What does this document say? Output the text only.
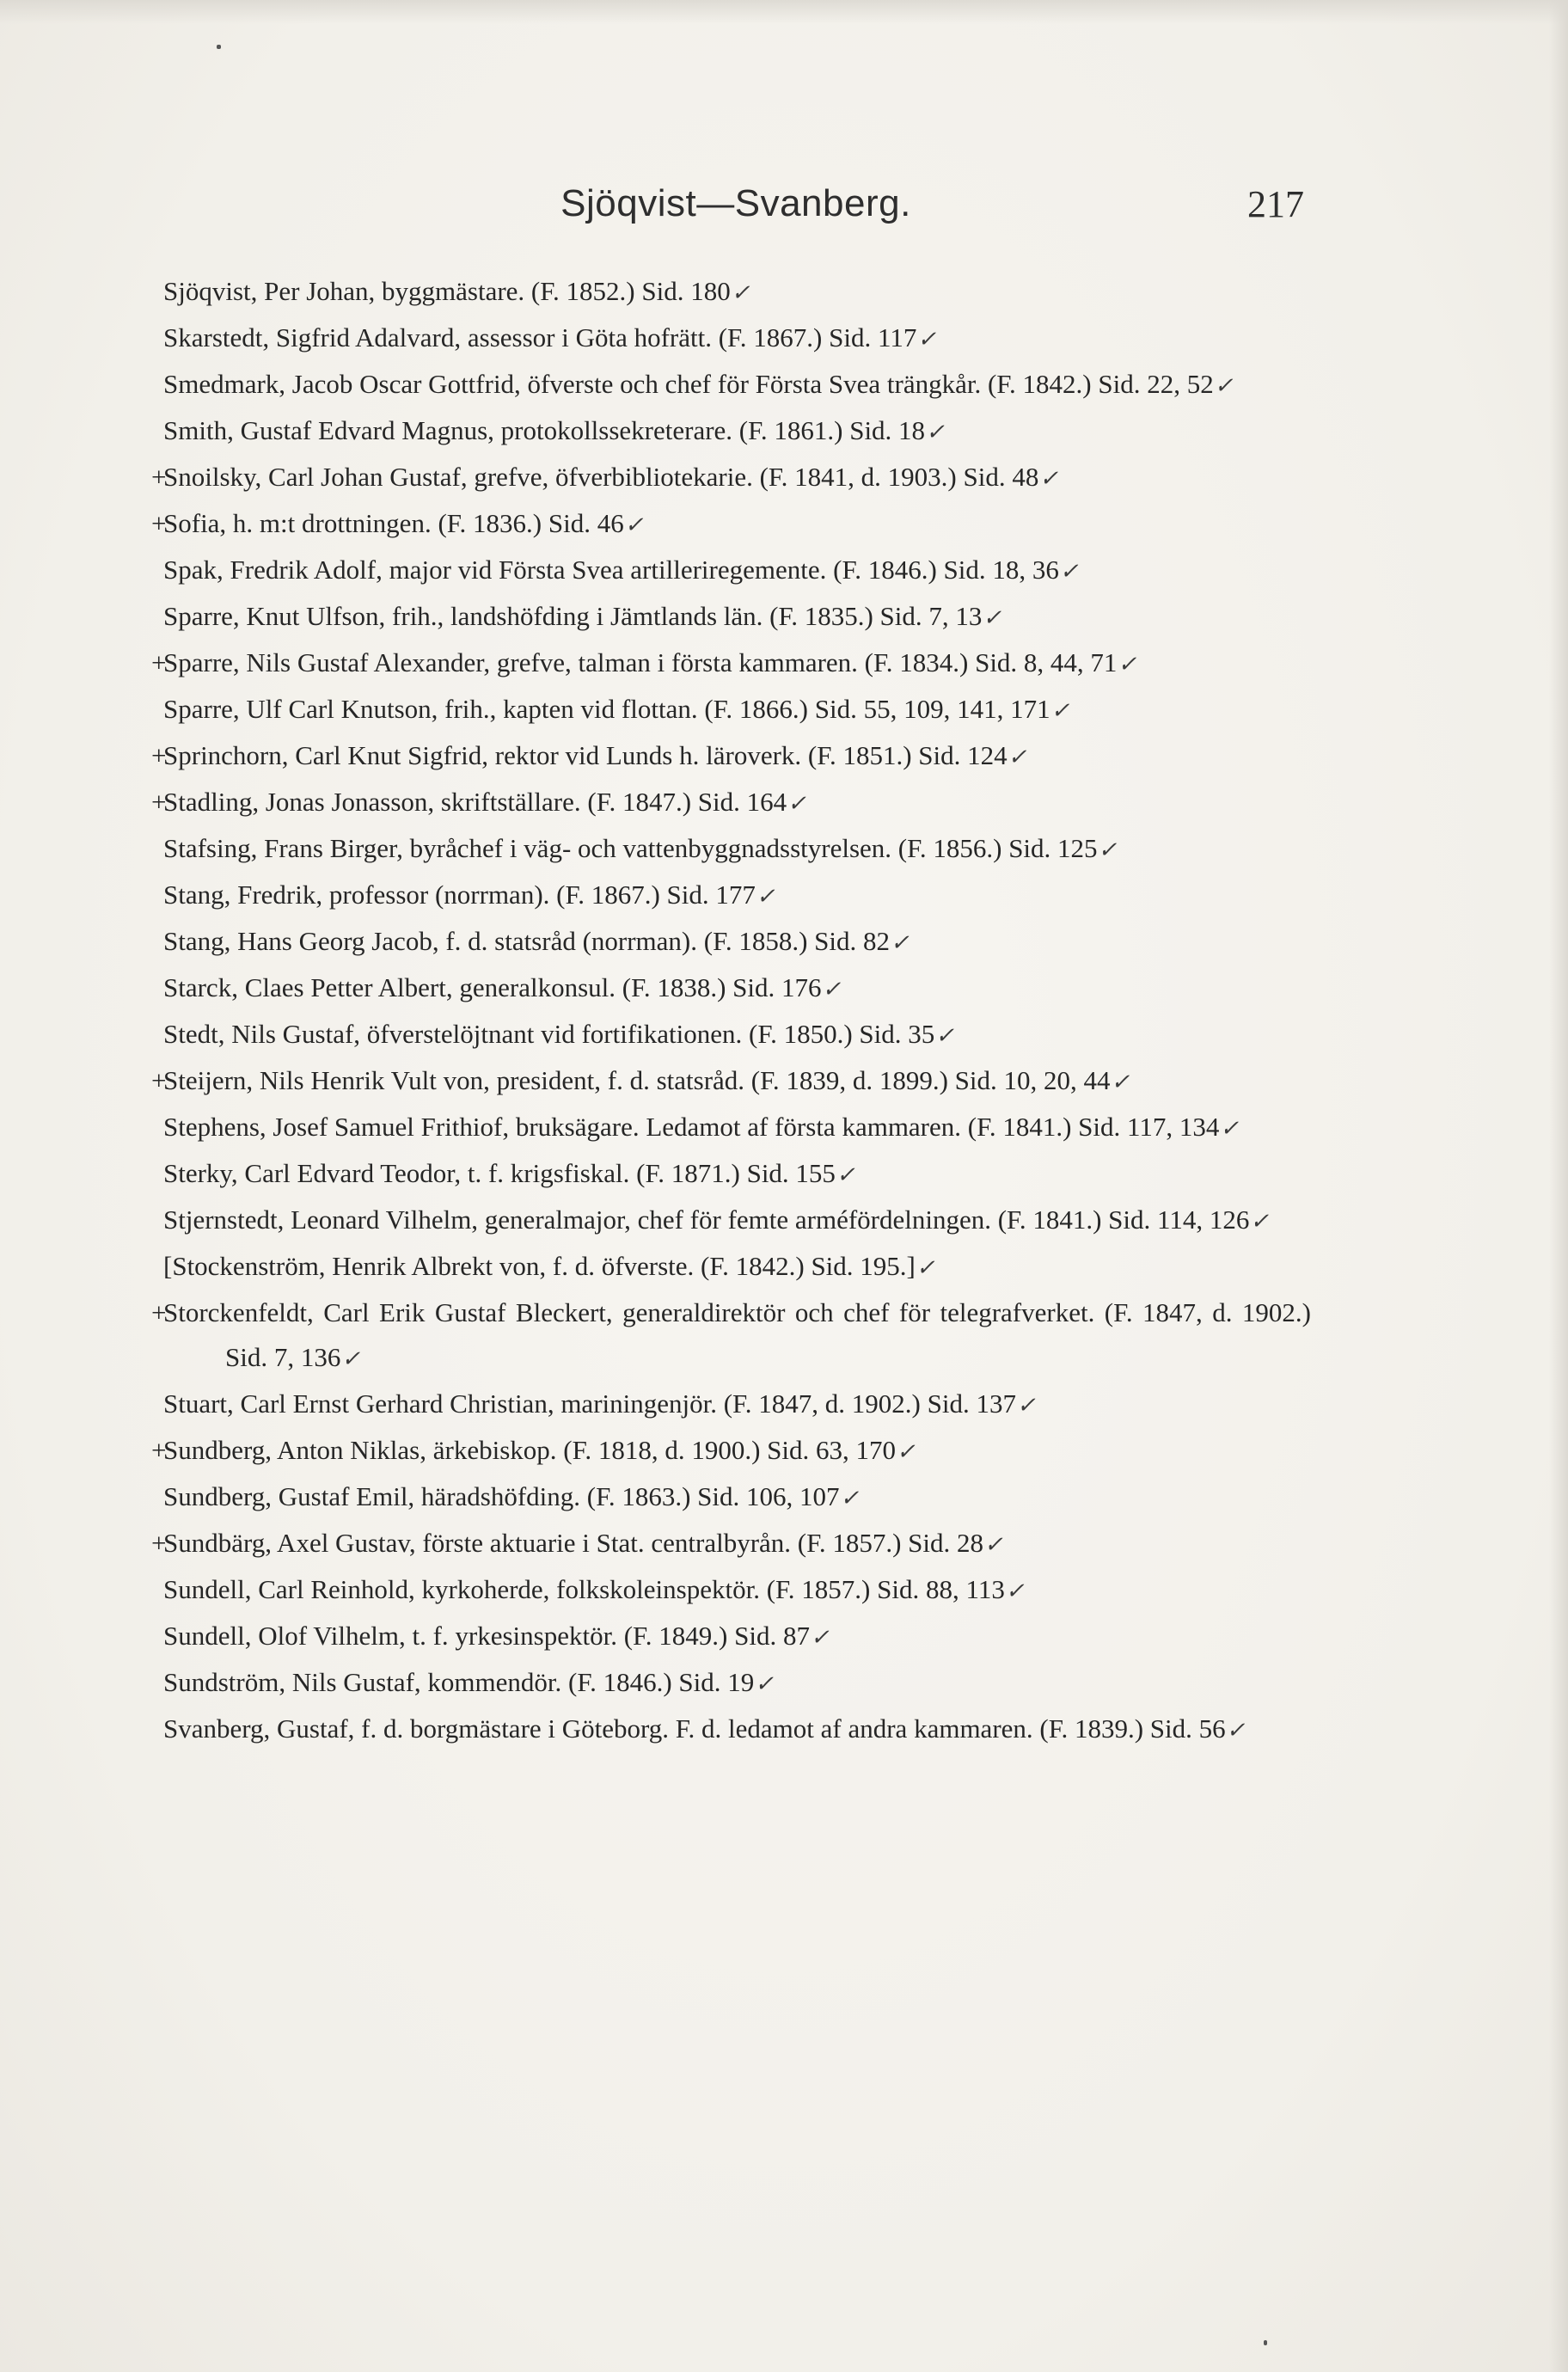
Sjöqvist—Svanberg.	217

Sjöqvist, Per Johan, byggmästare. (F. 1852.) Sid. 180✓

Skarstedt, Sigfrid Adalvard, assessor i Göta hofrätt. (F. 1867.) Sid. 117✓

Smedmark, Jacob Oscar Gottfrid, öfverste och chef för Första Svea trängkår. (F. 1842.) Sid. 22, 52✓

Smith, Gustaf Edvard Magnus, protokollssekreterare. (F. 1861.) Sid. 18✓

+Snoilsky, Carl Johan Gustaf, grefve, öfverbibliotekarie. (F. 1841, d. 1903.) Sid. 48✓

+Sofia, h. m:t drottningen. (F. 1836.) Sid. 46✓

Spak, Fredrik Adolf, major vid Första Svea artilleriregemente. (F. 1846.) Sid. 18, 36✓

Sparre, Knut Ulfson, frih., landshöfding i Jämtlands län. (F. 1835.) Sid. 7, 13✓

+Sparre, Nils Gustaf Alexander, grefve, talman i första kammaren. (F. 1834.) Sid. 8, 44, 71✓

Sparre, Ulf Carl Knutson, frih., kapten vid flottan. (F. 1866.) Sid. 55, 109, 141, 171✓

+Sprinchorn, Carl Knut Sigfrid, rektor vid Lunds h. läroverk. (F. 1851.) Sid. 124✓

+Stadling, Jonas Jonasson, skriftställare. (F. 1847.) Sid. 164✓

Stafsing, Frans Birger, byråchef i väg- och vattenbyggnadsstyrelsen. (F. 1856.) Sid. 125✓

Stang, Fredrik, professor (norrman). (F. 1867.) Sid. 177✓

Stang, Hans Georg Jacob, f. d. statsråd (norrman). (F. 1858.) Sid. 82✓

Starck, Claes Petter Albert, generalkonsul. (F. 1838.) Sid. 176✓

Stedt, Nils Gustaf, öfverstelöjtnant vid fortifikationen. (F. 1850.) Sid. 35✓

+Steijern, Nils Henrik Vult von, president, f. d. statsråd. (F. 1839, d. 1899.) Sid. 10, 20, 44✓

Stephens, Josef Samuel Frithiof, bruksägare. Ledamot af första kammaren. (F. 1841.) Sid. 117, 134✓

Sterky, Carl Edvard Teodor, t. f. krigsfiskal. (F. 1871.) Sid. 155✓

Stjernstedt, Leonard Vilhelm, generalmajor, chef för femte arméfördelningen. (F. 1841.) Sid. 114, 126✓

[Stockenström, Henrik Albrekt von, f. d. öfverste. (F. 1842.) Sid. 195.]✓

+Storckenfeldt, Carl Erik Gustaf Bleckert, generaldirektör och chef för telegrafverket. (F. 1847, d. 1902.) Sid. 7, 136✓

Stuart, Carl Ernst Gerhard Christian, mariningenjör. (F. 1847, d. 1902.) Sid. 137✓

+Sundberg, Anton Niklas, ärkebiskop. (F. 1818, d. 1900.) Sid. 63, 170✓

Sundberg, Gustaf Emil, häradshöfding. (F. 1863.) Sid. 106, 107✓

+Sundbärg, Axel Gustav, förste aktuarie i Stat. centralbyrån. (F. 1857.) Sid. 28✓

Sundell, Carl Reinhold, kyrkoherde, folkskoleinspektör. (F. 1857.) Sid. 88, 113✓

Sundell, Olof Vilhelm, t. f. yrkesinspektör. (F. 1849.) Sid. 87✓

Sundström, Nils Gustaf, kommendör. (F. 1846.) Sid. 19✓

Svanberg, Gustaf, f. d. borgmästare i Göteborg. F. d. ledamot af andra kammaren. (F. 1839.) Sid. 56✓
